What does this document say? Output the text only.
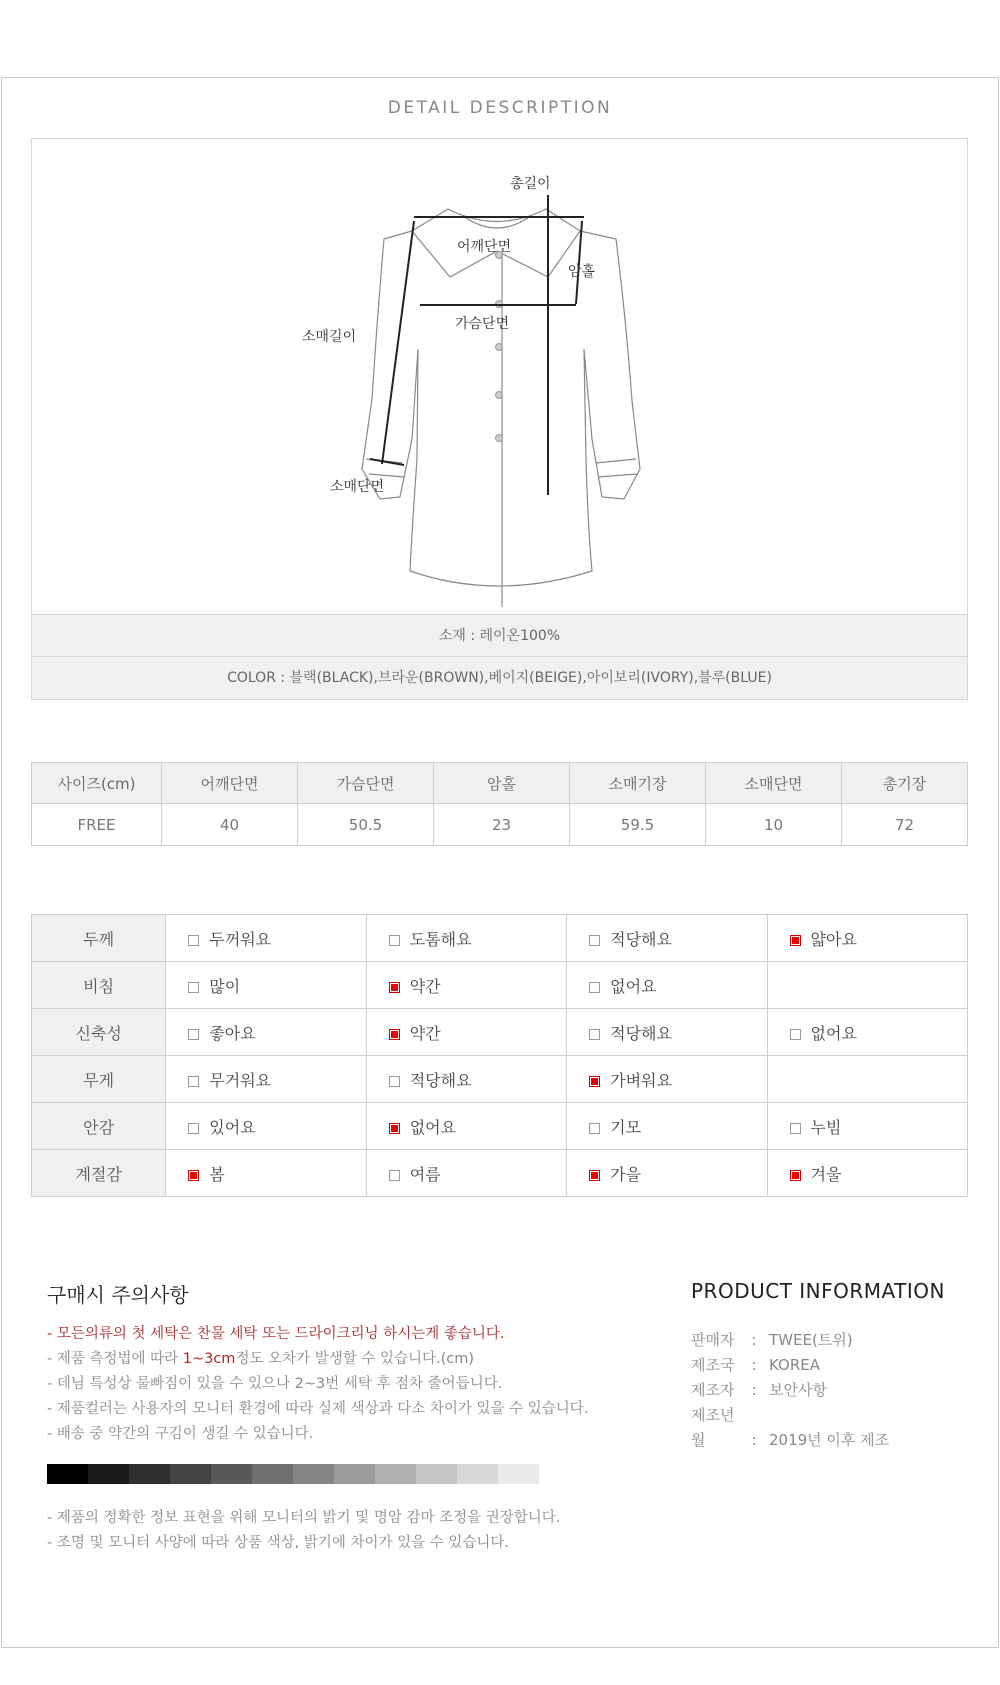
DETAIL DESCRIPTION
총길이
어깨단면
암홀
가슴단면
소매길이
소매단면
소재 : 레이온100%
COLOR : 블랙(BLACK),브라운(BROWN),베이지(BEIGE),아이보리(IVORY),블루(BLUE)
사이즈(cm)	어깨단면	가슴단면	암홀	소매기장	소매단면	총기장
FREE	40	50.5	23	59.5	10	72
두께	두꺼워요	도톰해요	적당해요	얇아요
비침	많이	약간	없어요	
신축성	좋아요	약간	적당해요	없어요
무게	무거워요	적당해요	가벼워요	
안감	있어요	없어요	기모	누빔
계절감	봄	여름	가을	겨울
구매시 주의사항
- 모든의류의 첫 세탁은 찬물 세탁 또는 드라이크리닝 하시는게 좋습니다.
- 제품 측정법에 따라 1~3cm정도 오차가 발생할 수 있습니다.(cm)
- 데님 특성상 물빠짐이 있을 수 있으나 2~3번 세탁 후 점차 줄어듭니다.
- 제품컬러는 사용자의 모니터 환경에 따라 실제 색상과 다소 차이가 있을 수 있습니다.
- 배송 중 약간의 구김이 생길 수 있습니다.
- 제품의 정확한 정보 표현을 위해 모니터의 밝기 및 명암 감마 조정을 권장합니다.
- 조명 및 모니터 사양에 따라 상품 색상, 밝기에 차이가 있을 수 있습니다.
PRODUCT INFORMATION
판매자 : TWEE(트위)
제조국 : KOREA
제조자 : 보안사항
제조년월	: 2019년 이후 제조
